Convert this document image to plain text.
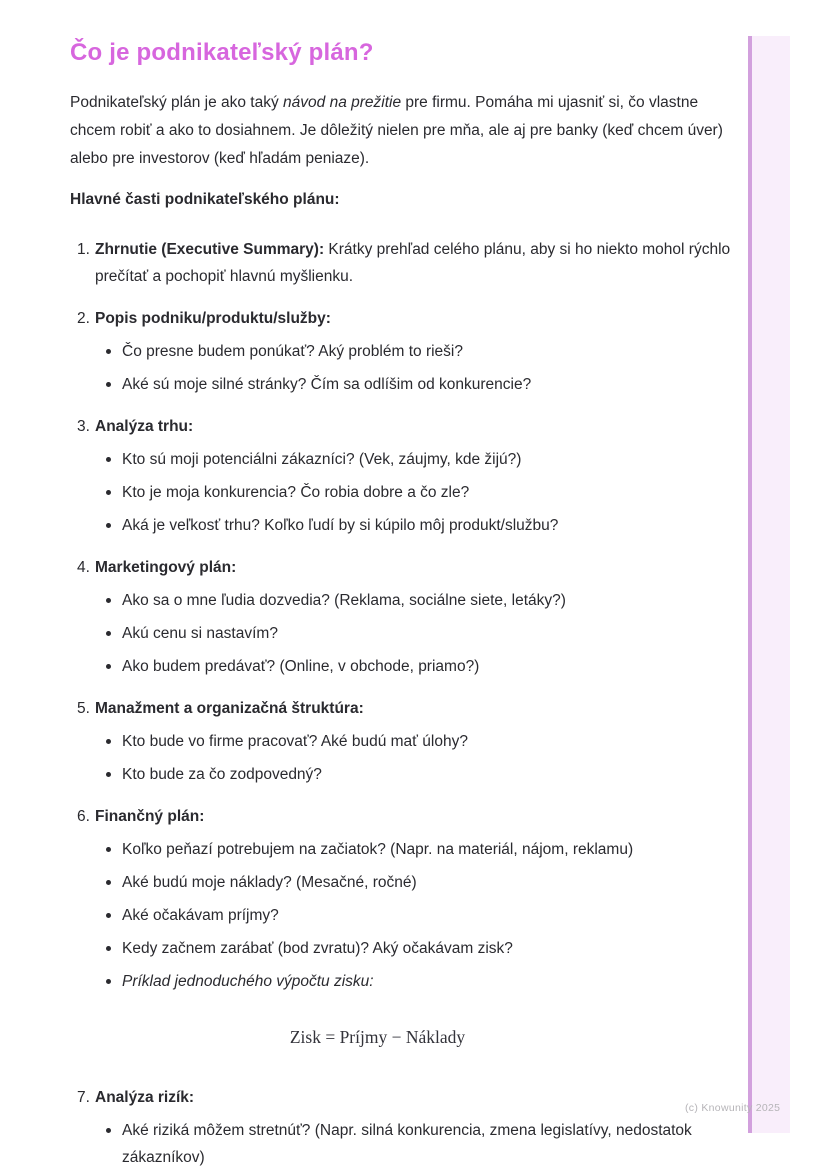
Čo je podnikateľský plán?

Podnikateľský plán je ako taký návod na prežitie pre firmu. Pomáha mi ujasniť si, čo vlastne chcem robiť a ako to dosiahnem. Je dôležitý nielen pre mňa, ale aj pre banky (keď chcem úver) alebo pre investorov (keď hľadám peniaze).

Hlavné časti podnikateľského plánu:

1. Zhrnutie (Executive Summary): Krátky prehľad celého plánu, aby si ho niekto mohol rýchlo prečítať a pochopiť hlavnú myšlienku.
2. Popis podniku/produktu/služby:
Čo presne budem ponúkať? Aký problém to rieši?
Aké sú moje silné stránky? Čím sa odlíšim od konkurencie?
3. Analýza trhu:
Kto sú moji potenciálni zákazníci? (Vek, záujmy, kde žijú?)
Kto je moja konkurencia? Čo robia dobre a čo zle?
Aká je veľkosť trhu? Koľko ľudí by si kúpilo môj produkt/službu?
4. Marketingový plán:
Ako sa o mne ľudia dozvedia? (Reklama, sociálne siete, letáky?)
Akú cenu si nastavím?
Ako budem predávať? (Online, v obchode, priamo?)
5. Manažment a organizačná štruktúra:
Kto bude vo firme pracovať? Aké budú mať úlohy?
Kto bude za čo zodpovedný?
6. Finančný plán:
Koľko peňazí potrebujem na začiatok? (Napr. na materiál, nájom, reklamu)
Aké budú moje náklady? (Mesačné, ročné)
Aké očakávam príjmy?
Kedy začnem zarábať (bod zvratu)? Aký očakávam zisk?
Príklad jednoduchého výpočtu zisku:
Zisk = Príjmy − Náklady
7. Analýza rizík:
Aké riziká môžem stretnúť? (Napr. silná konkurencia, zmena legislatívy, nedostatok zákazníkov)
(c) Knowunity 2025
